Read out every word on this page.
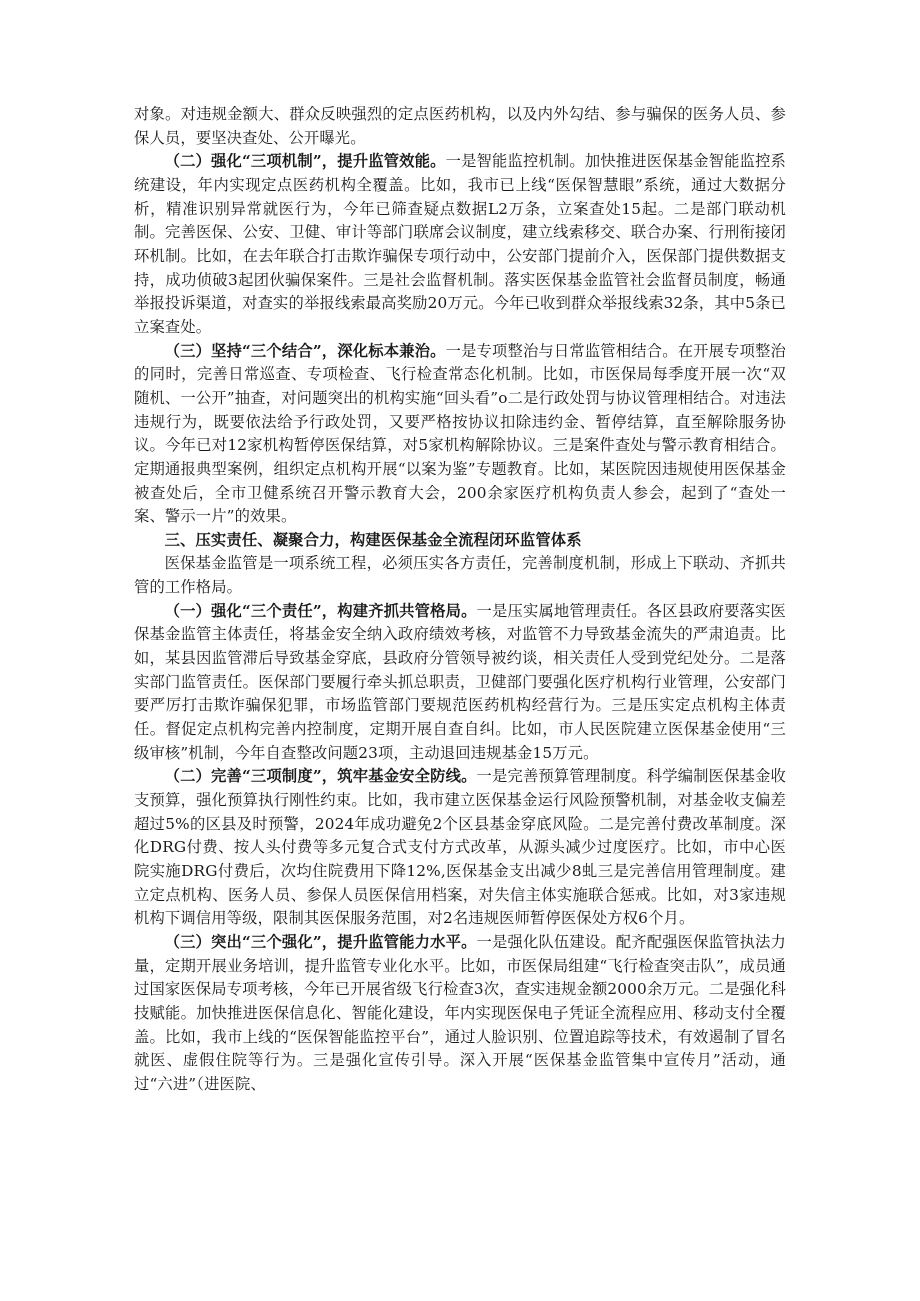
对象。对违规金额大、群众反映强烈的定点医药机构，以及内外勾结、参与骗保的医务人员、参保人员，要坚决查处、公开曝光。

（二）强化“三项机制”，提升监管效能。一是智能监控机制。加快推进医保基金智能监控系统建设，年内实现定点医药机构全覆盖。比如，我市已上线“医保智慧眼”系统，通过大数据分析，精准识别异常就医行为，今年已筛查疑点数据L2万条，立案查处15起。二是部门联动机制。完善医保、公安、卫健、审计等部门联席会议制度，建立线索移交、联合办案、行刑衔接闭环机制。比如，在去年联合打击欺诈骗保专项行动中，公安部门提前介入，医保部门提供数据支持，成功侦破3起团伙骗保案件。三是社会监督机制。落实医保基金监管社会监督员制度，畅通举报投诉渠道，对查实的举报线索最高奖励20万元。今年已收到群众举报线索32条，其中5条已立案查处。

（三）坚持“三个结合”，深化标本兼治。一是专项整治与日常监管相结合。在开展专项整治的同时，完善日常巡查、专项检查、飞行检查常态化机制。比如，市医保局每季度开展一次“双随机、一公开”抽查，对问题突出的机构实施“回头看”o二是行政处罚与协议管理相结合。对违法违规行为，既要依法给予行政处罚，又要严格按协议扣除违约金、暂停结算，直至解除服务协议。今年已对12家机构暂停医保结算，对5家机构解除协议。三是案件查处与警示教育相结合。定期通报典型案例，组织定点机构开展“以案为鉴”专题教育。比如，某医院因违规使用医保基金被查处后，全市卫健系统召开警示教育大会，200余家医疗机构负责人参会，起到了“查处一案、警示一片”的效果。

三、压实责任、凝聚合力，构建医保基金全流程闭环监管体系

医保基金监管是一项系统工程，必须压实各方责任，完善制度机制，形成上下联动、齐抓共管的工作格局。

（一）强化“三个责任”，构建齐抓共管格局。一是压实属地管理责任。各区县政府要落实医保基金监管主体责任，将基金安全纳入政府绩效考核，对监管不力导致基金流失的严肃追责。比如，某县因监管滞后导致基金穿底，县政府分管领导被约谈，相关责任人受到党纪处分。二是落实部门监管责任。医保部门要履行牵头抓总职责，卫健部门要强化医疗机构行业管理，公安部门要严厉打击欺诈骗保犯罪，市场监管部门要规范医药机构经营行为。三是压实定点机构主体责任。督促定点机构完善内控制度，定期开展自查自纠。比如，市人民医院建立医保基金使用“三级审核”机制，今年自查整改问题23项，主动退回违规基金15万元。

（二）完善“三项制度”，筑牢基金安全防线。一是完善预算管理制度。科学编制医保基金收支预算，强化预算执行刚性约束。比如，我市建立医保基金运行风险预警机制，对基金收支偏差超过5%的区县及时预警，2024年成功避免2个区县基金穿底风险。二是完善付费改革制度。深化DRG付费、按人头付费等多元复合式支付方式改革，从源头减少过度医疗。比如，市中心医院实施DRG付费后，次均住院费用下降12%,医保基金支出减少8虬三是完善信用管理制度。建立定点机构、医务人员、参保人员医保信用档案，对失信主体实施联合惩戒。比如，对3家违规机构下调信用等级，限制其医保服务范围，对2名违规医师暂停医保处方权6个月。

（三）突出“三个强化”，提升监管能力水平。一是强化队伍建设。配齐配强医保监管执法力量，定期开展业务培训，提升监管专业化水平。比如，市医保局组建“飞行检查突击队”，成员通过国家医保局专项考核，今年已开展省级飞行检查3次，查实违规金额2000余万元。二是强化科技赋能。加快推进医保信息化、智能化建设，年内实现医保电子凭证全流程应用、移动支付全覆盖。比如，我市上线的“医保智能监控平台”，通过人脸识别、位置追踪等技术，有效遏制了冒名就医、虚假住院等行为。三是强化宣传引导。深入开展“医保基金监管集中宣传月”活动，通过“六进”（进医院、
